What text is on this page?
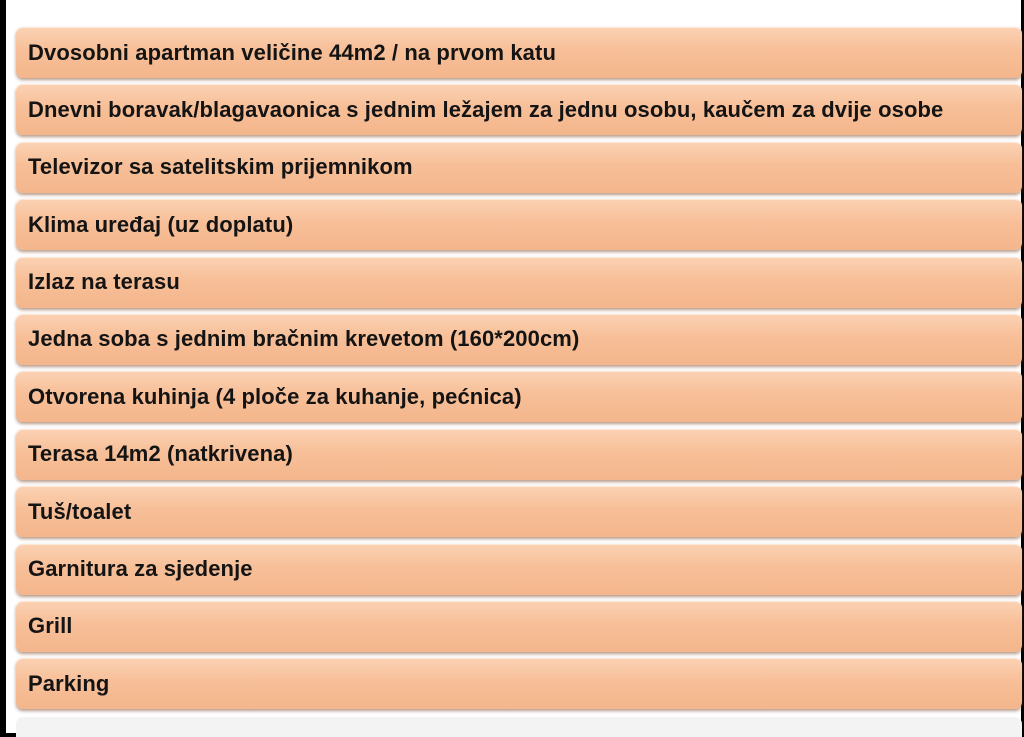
Dvosobni apartman veličine 44m2 / na prvom katu
Dnevni boravak/blagavaonica s jednim ležajem za jednu osobu, kaučem za dvije osobe
Televizor sa satelitskim prijemnikom
Klima uređaj (uz doplatu)
Izlaz na terasu
Jedna soba s jednim bračnim krevetom (160*200cm)
Otvorena kuhinja (4 ploče za kuhanje, pećnica)
Terasa 14m2 (natkrivena)
Tuš/toalet
Garnitura za sjedenje
Grill
Parking
